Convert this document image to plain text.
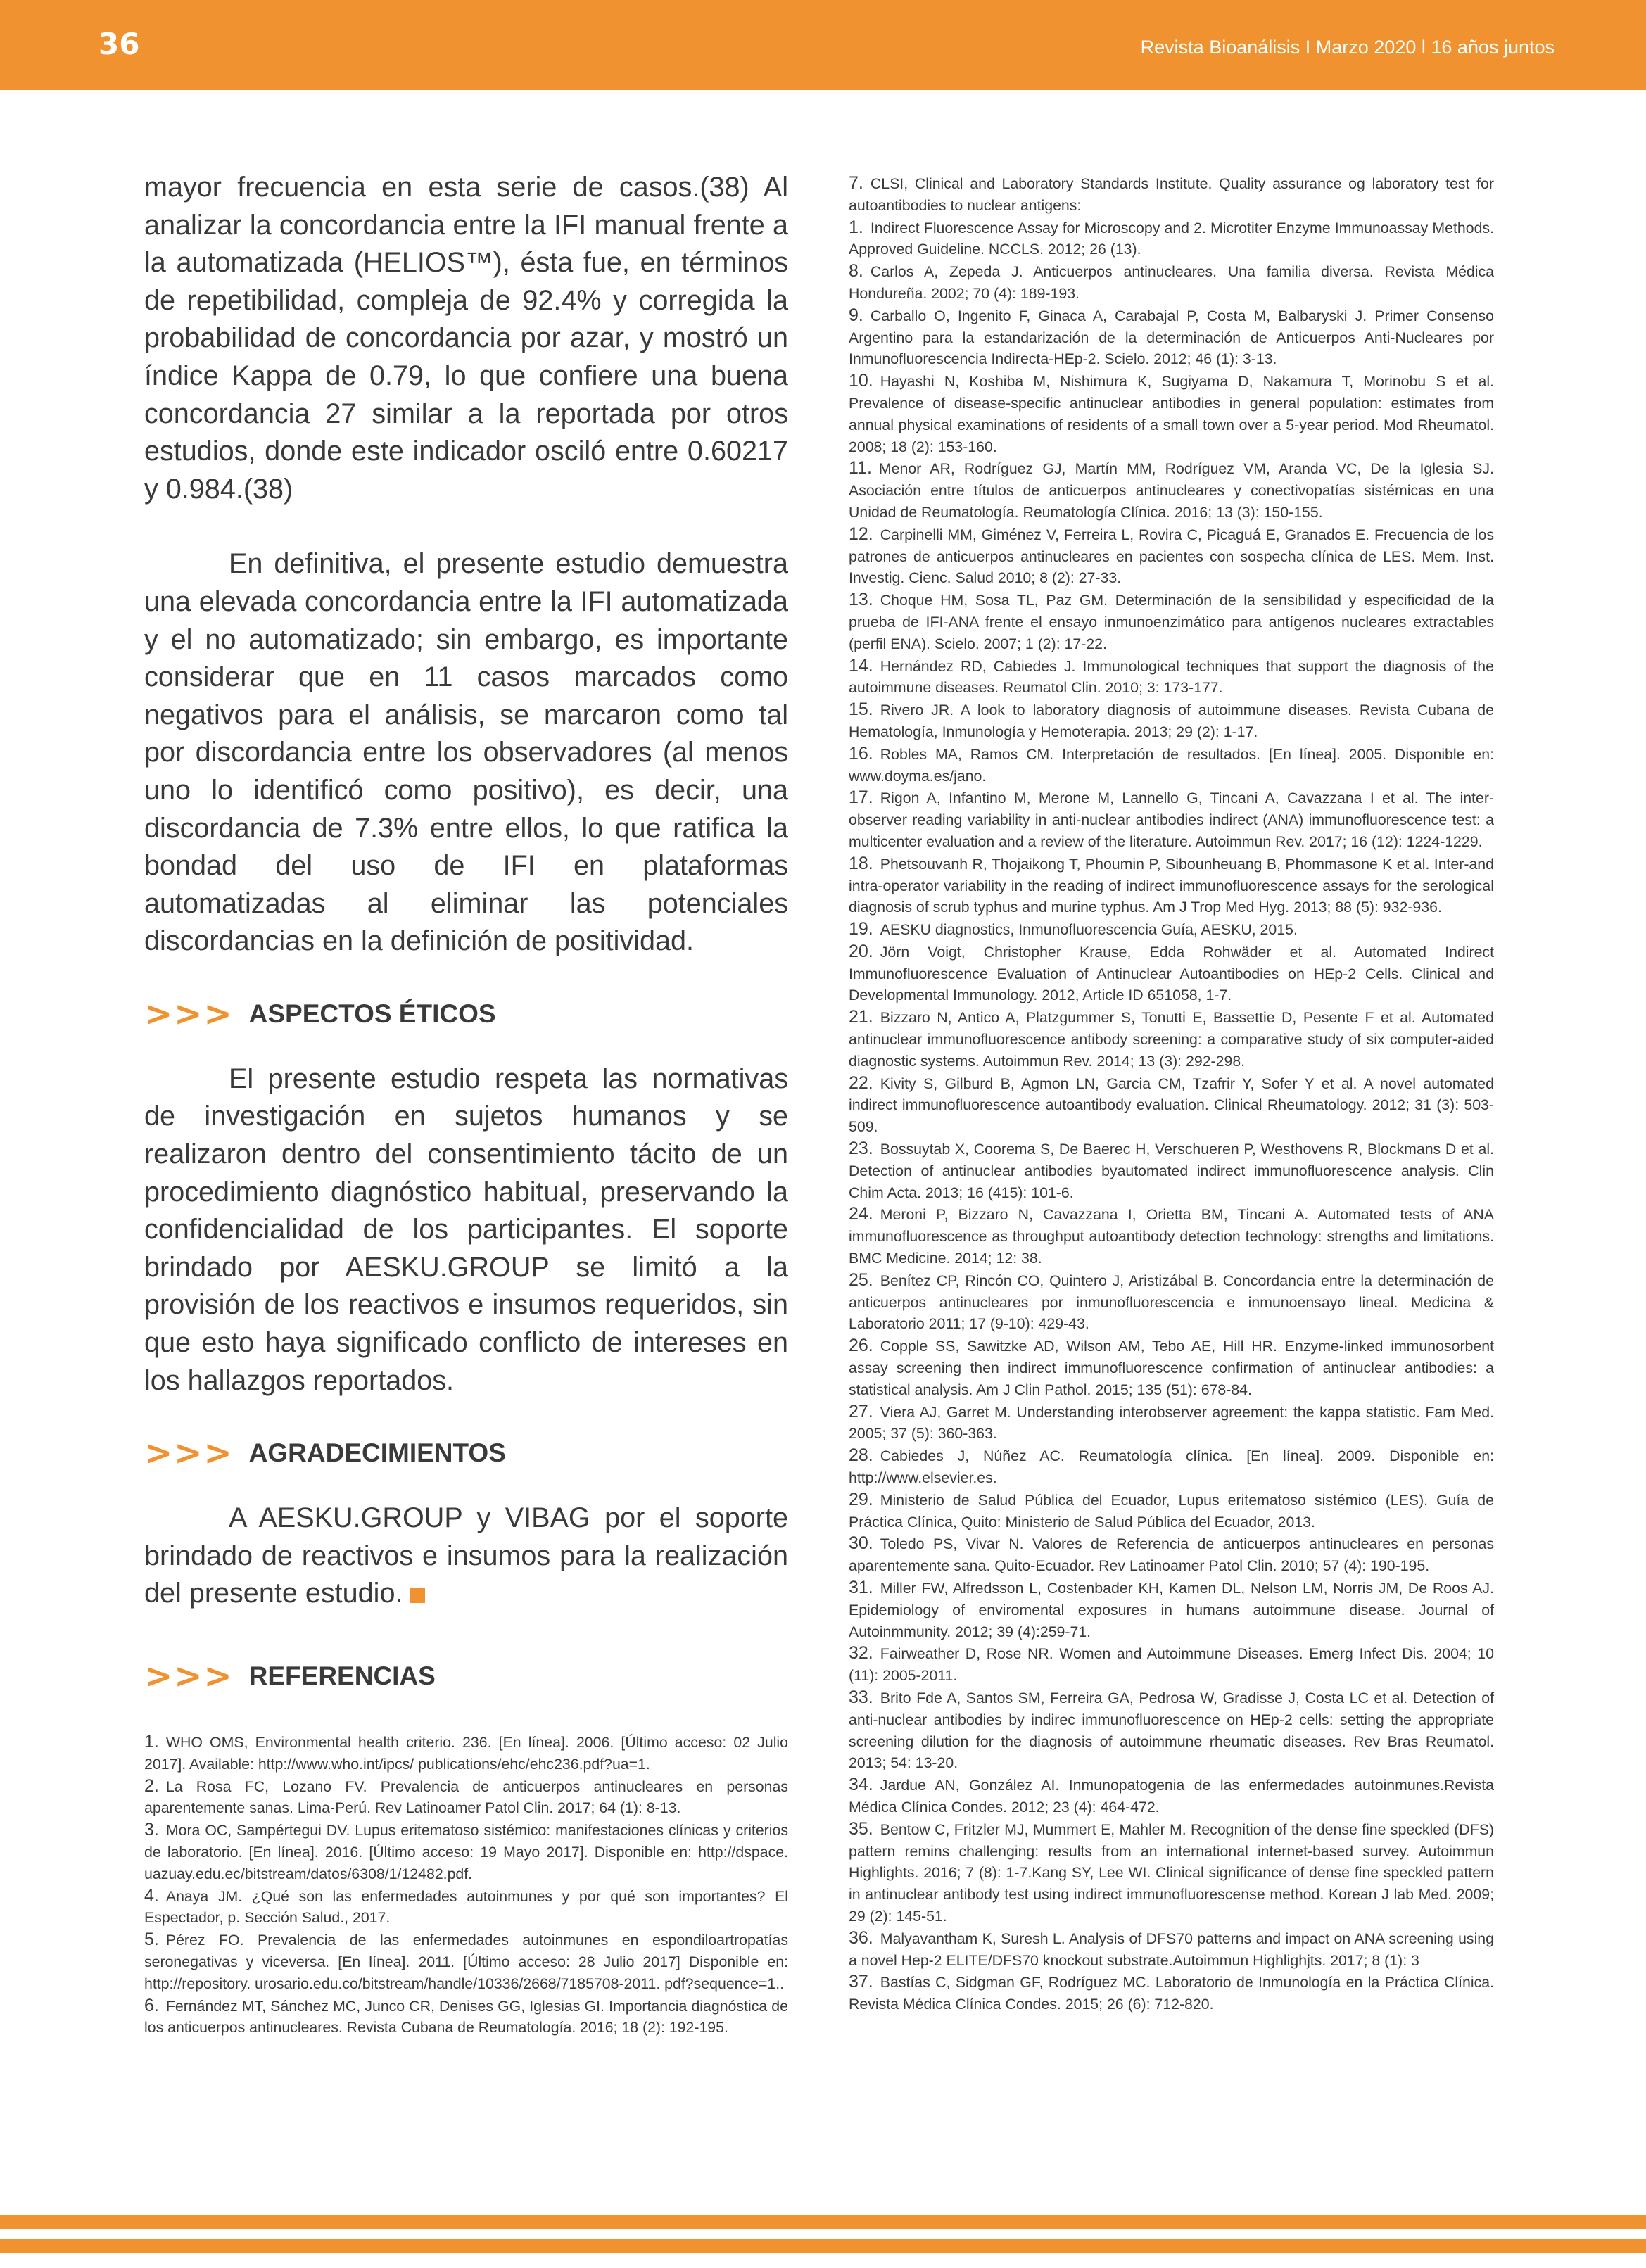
36	Revista Bioanálisis I Marzo 2020 l 16 años juntos

mayor frecuencia en esta serie de casos.(38) Al analizar la concordancia entre la IFI manual frente a la automatizada (HELIOS™), ésta fue, en términos de repetibilidad, compleja de 92.4% y corregida la probabilidad de concordancia por azar, y mostró un índice Kappa de 0.79, lo que confiere una buena concordancia 27 similar a la reportada por otros estudios, donde este indicador osciló entre 0.60217 y 0.984.(38)

En definitiva, el presente estudio demuestra una elevada concordancia entre la IFI automatizada y el no automatizado; sin embargo, es importante considerar que en 11 casos marcados como negativos para el análisis, se marcaron como tal por discordancia entre los observadores (al menos uno lo identificó como positivo), es decir, una discordancia de 7.3% entre ellos, lo que ratifica la bondad del uso de IFI en plataformas automatizadas al eliminar las potenciales discordancias en la definición de positividad.

>>> ASPECTOS ÉTICOS

El presente estudio respeta las normativas de investigación en sujetos humanos y se realizaron dentro del consentimiento tácito de un procedimiento diagnóstico habitual, preservando la confidencialidad de los participantes. El soporte brindado por AESKU.GROUP se limitó a la provisión de los reactivos e insumos requeridos, sin que esto haya significado conflicto de intereses en los hallazgos reportados.

>>> AGRADECIMIENTOS

A AESKU.GROUP y VIBAG por el soporte brindado de reactivos e insumos para la realización del presente estudio.

>>> REFERENCIAS

1. WHO OMS, Environmental health criterio. 236. [En línea]. 2006. [Último acceso: 02 Julio 2017]. Available: http://www.who.int/ipcs/ publications/ehc/ehc236.pdf?ua=1.

2. La Rosa FC, Lozano FV. Prevalencia de anticuerpos antinucleares en personas aparentemente sanas. Lima-Perú. Rev Latinoamer Patol Clin. 2017; 64 (1): 8-13.

3. Mora OC, Sampértegui DV. Lupus eritematoso sistémico: manifestaciones clínicas y criterios de laboratorio. [En línea]. 2016. [Último acceso: 19 Mayo 2017]. Disponible en: http://dspace. uazuay.edu.ec/bitstream/datos/6308/1/12482.pdf.

4. Anaya JM. ¿Qué son las enfermedades autoinmunes y por qué son importantes? El Espectador, p. Sección Salud., 2017.

5. Pérez FO. Prevalencia de las enfermedades autoinmunes en espondiloartropatías seronegativas y viceversa. [En línea]. 2011. [Último acceso: 28 Julio 2017] Disponible en: http://repository. urosario.edu.co/bitstream/handle/10336/2668/7185708-2011. pdf?sequence=1..

6. Fernández MT, Sánchez MC, Junco CR, Denises GG, Iglesias GI. Importancia diagnóstica de los anticuerpos antinucleares. Revista Cubana de Reumatología. 2016; 18 (2): 192-195.

7. CLSI, Clinical and Laboratory Standards Institute. Quality assurance og laboratory test for autoantibodies to nuclear antigens:

1. Indirect Fluorescence Assay for Microscopy and 2. Microtiter Enzyme Immunoassay Methods. Approved Guideline. NCCLS. 2012; 26 (13).

8. Carlos A, Zepeda J. Anticuerpos antinucleares. Una familia diversa. Revista Médica Hondureña. 2002; 70 (4): 189-193.

9. Carballo O, Ingenito F, Ginaca A, Carabajal P, Costa M, Balbaryski J. Primer Consenso Argentino para la estandarización de la determinación de Anticuerpos Anti-Nucleares por Inmunofluorescencia Indirecta-HEp-2. Scielo. 2012; 46 (1): 3-13.

10. Hayashi N, Koshiba M, Nishimura K, Sugiyama D, Nakamura T, Morinobu S et al. Prevalence of disease-specific antinuclear antibodies in general population: estimates from annual physical examinations of residents of a small town over a 5-year period. Mod Rheumatol. 2008; 18 (2): 153-160.

11. Menor AR, Rodríguez GJ, Martín MM, Rodríguez VM, Aranda VC, De la Iglesia SJ. Asociación entre títulos de anticuerpos antinucleares y conectivopatías sistémicas en una Unidad de Reumatología. Reumatología Clínica. 2016; 13 (3): 150-155.

12. Carpinelli MM, Giménez V, Ferreira L, Rovira C, Picaguá E, Granados E. Frecuencia de los patrones de anticuerpos antinucleares en pacientes con sospecha clínica de LES. Mem. Inst. Investig. Cienc. Salud 2010; 8 (2): 27-33.

13. Choque HM, Sosa TL, Paz GM. Determinación de la sensibilidad y especificidad de la prueba de IFI-ANA frente el ensayo inmunoenzimático para antígenos nucleares extractables (perfil ENA). Scielo. 2007; 1 (2): 17-22.

14. Hernández RD, Cabiedes J. Immunological techniques that support the diagnosis of the autoimmune diseases. Reumatol Clin. 2010; 3: 173-177.

15. Rivero JR. A look to laboratory diagnosis of autoimmune diseases. Revista Cubana de Hematología, Inmunología y Hemoterapia. 2013; 29 (2): 1-17.

16. Robles MA, Ramos CM. Interpretación de resultados. [En línea]. 2005. Disponible en: www.doyma.es/jano.

17. Rigon A, Infantino M, Merone M, Lannello G, Tincani A, Cavazzana I et al. The inter-observer reading variability in anti-nuclear antibodies indirect (ANA) immunofluorescence test: a multicenter evaluation and a review of the literature. Autoimmun Rev. 2017; 16 (12): 1224-1229.

18. Phetsouvanh R, Thojaikong T, Phoumin P, Sibounheuang B, Phommasone K et al. Inter-and intra-operator variability in the reading of indirect immunofluorescence assays for the serological diagnosis of scrub typhus and murine typhus. Am J Trop Med Hyg. 2013; 88 (5): 932-936.

19. AESKU diagnostics, Inmunofluorescencia Guía, AESKU, 2015.

20. Jörn Voigt, Christopher Krause, Edda Rohwäder et al. Automated Indirect Immunofluorescence Evaluation of Antinuclear Autoantibodies on HEp-2 Cells. Clinical and Developmental Immunology. 2012, Article ID 651058, 1-7.

21. Bizzaro N, Antico A, Platzgummer S, Tonutti E, Bassettie D, Pesente F et al. Automated antinuclear immunofluorescence antibody screening: a comparative study of six computer-aided diagnostic systems. Autoimmun Rev. 2014; 13 (3): 292-298.

22. Kivity S, Gilburd B, Agmon LN, Garcia CM, Tzafrir Y, Sofer Y et al. A novel automated indirect immunofluorescence autoantibody evaluation. Clinical Rheumatology. 2012; 31 (3): 503-509.

23. Bossuytab X, Coorema S, De Baerec H, Verschueren P, Westhovens R, Blockmans D et al. Detection of antinuclear antibodies byautomated indirect immunofluorescence analysis. Clin Chim Acta. 2013; 16 (415): 101-6.

24. Meroni P, Bizzaro N, Cavazzana I, Orietta BM, Tincani A. Automated tests of ANA immunofluorescence as throughput autoantibody detection technology: strengths and limitations. BMC Medicine. 2014; 12: 38.

25. Benítez CP, Rincón CO, Quintero J, Aristizábal B. Concordancia entre la determinación de anticuerpos antinucleares por inmunofluorescencia e inmunoensayo lineal. Medicina & Laboratorio 2011; 17 (9-10): 429-43.

26. Copple SS, Sawitzke AD, Wilson AM, Tebo AE, Hill HR. Enzyme-linked immunosorbent assay screening then indirect immunofluorescence confirmation of antinuclear antibodies: a statistical analysis. Am J Clin Pathol. 2015; 135 (51): 678-84.

27. Viera AJ, Garret M. Understanding interobserver agreement: the kappa statistic. Fam Med. 2005; 37 (5): 360-363.

28. Cabiedes J, Núñez AC. Reumatología clínica. [En línea]. 2009. Disponible en: http://www.elsevier.es.

29. Ministerio de Salud Pública del Ecuador, Lupus eritematoso sistémico (LES). Guía de Práctica Clínica, Quito: Ministerio de Salud Pública del Ecuador, 2013.

30. Toledo PS, Vivar N. Valores de Referencia de anticuerpos antinucleares en personas aparentemente sana. Quito-Ecuador. Rev Latinoamer Patol Clin. 2010; 57 (4): 190-195.

31. Miller FW, Alfredsson L, Costenbader KH, Kamen DL, Nelson LM, Norris JM, De Roos AJ. Epidemiology of enviromental exposures in humans autoimmune disease. Journal of Autoinmmunity. 2012; 39 (4):259-71.

32. Fairweather D, Rose NR. Women and Autoimmune Diseases. Emerg Infect Dis. 2004; 10 (11): 2005-2011.

33. Brito Fde A, Santos SM, Ferreira GA, Pedrosa W, Gradisse J, Costa LC et al. Detection of anti-nuclear antibodies by indirec immunofluorescence on HEp-2 cells: setting the appropriate screening dilution for the diagnosis of autoimmune rheumatic diseases. Rev Bras Reumatol. 2013; 54: 13-20.

34. Jardue AN, González AI. Inmunopatogenia de las enfermedades autoinmunes.Revista Médica Clínica Condes. 2012; 23 (4): 464-472.

35. Bentow C, Fritzler MJ, Mummert E, Mahler M. Recognition of the dense fine speckled (DFS) pattern remins challenging: results from an international internet-based survey. Autoimmun Highlights. 2016; 7 (8): 1-7.Kang SY, Lee WI. Clinical significance of dense fine speckled pattern in antinuclear antibody test using indirect immunofluorescense method. Korean J lab Med. 2009; 29 (2): 145-51.

36. Malyavantham K, Suresh L. Analysis of DFS70 patterns and impact on ANA screening using a novel Hep-2 ELITE/DFS70 knockout substrate.Autoimmun Highlighjts. 2017; 8 (1): 3

37. Bastías C, Sidgman GF, Rodríguez MC. Laboratorio de Inmunología en la Práctica Clínica. Revista Médica Clínica Condes. 2015; 26 (6): 712-820.
